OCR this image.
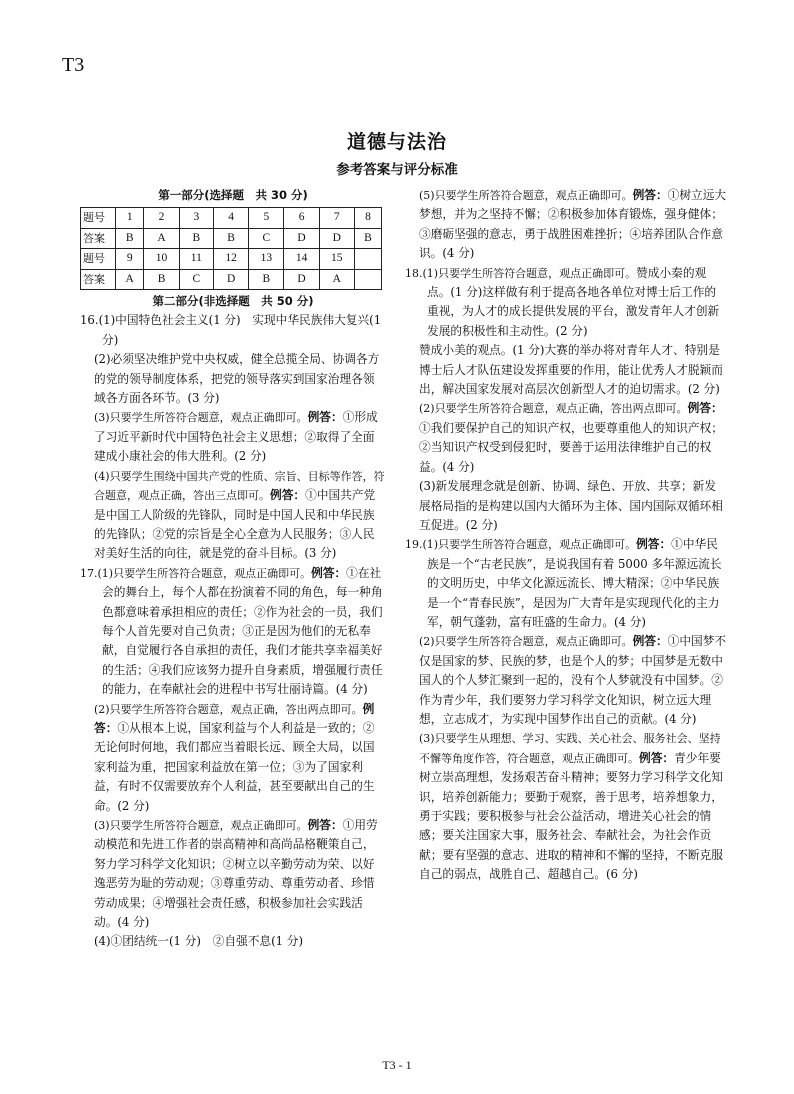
T3
道德与法治
参考答案与评分标准
第一部分(选择题　共 30 分)
题号	1	2	3	4	5	6	7	8
答案	B	A	B	B	C	D	D	B
题号	9	10	11	12	13	14	15	
答案	A	B	C	D	B	D	A	
第二部分(非选择题　共 50 分)
16.(1)中国特色社会主义(1 分)　实现中华民族伟大复兴(1 分)
(2)必须坚决维护党中央权威，健全总揽全局、协调各方的党的领导制度体系，把党的领导落实到国家治理各领域各方面各环节。(3 分)
(3)只要学生所答符合题意，观点正确即可。例答：①形成了习近平新时代中国特色社会主义思想；②取得了全面建成小康社会的伟大胜利。(2 分)
(4)只要学生围绕中国共产党的性质、宗旨、目标等作答，符合题意，观点正确，答出三点即可。例答：①中国共产党是中国工人阶级的先锋队，同时是中国人民和中华民族的先锋队；②党的宗旨是全心全意为人民服务；③人民对美好生活的向往，就是党的奋斗目标。(3 分)
17.(1)只要学生所答符合题意，观点正确即可。例答：①在社会的舞台上，每个人都在扮演着不同的角色，每一种角色都意味着承担相应的责任；②作为社会的一员，我们每个人首先要对自己负责；③正是因为他们的无私奉献，自觉履行各自承担的责任，我们才能共享幸福美好的生活；④我们应该努力提升自身素质，增强履行责任的能力，在奉献社会的进程中书写壮丽诗篇。(4 分)
(2)只要学生所答符合题意，观点正确，答出两点即可。例答：①从根本上说，国家利益与个人利益是一致的；②无论何时何地，我们都应当着眼长远、顾全大局，以国家利益为重，把国家利益放在第一位；③为了国家利益，有时不仅需要放弃个人利益，甚至要献出自己的生命。(2 分)
(3)只要学生所答符合题意，观点正确即可。例答：①用劳动模范和先进工作者的崇高精神和高尚品格鞭策自己，努力学习科学文化知识；②树立以辛勤劳动为荣、以好逸恶劳为耻的劳动观；③尊重劳动、尊重劳动者、珍惜劳动成果；④增强社会责任感，积极参加社会实践活动。(4 分)
(4)①团结统一(1 分)　②自强不息(1 分)
(5)只要学生所答符合题意，观点正确即可。例答：①树立远大梦想，并为之坚持不懈；②积极参加体育锻炼，强身健体；③磨砺坚强的意志，勇于战胜困难挫折；④培养团队合作意识。(4 分)
18.(1)只要学生所答符合题意，观点正确即可。赞成小秦的观点。(1 分)这样做有利于提高各地各单位对博士后工作的重视，为人才的成长提供发展的平台，激发青年人才创新发展的积极性和主动性。(2 分)
赞成小美的观点。(1 分)大赛的举办将对青年人才、特别是博士后人才队伍建设发挥重要的作用，能让优秀人才脱颖而出，解决国家发展对高层次创新型人才的迫切需求。(2 分)
(2)只要学生所答符合题意，观点正确，答出两点即可。例答：①我们要保护自己的知识产权，也要尊重他人的知识产权；②当知识产权受到侵犯时，要善于运用法律维护自己的权益。(4 分)
(3)新发展理念就是创新、协调、绿色、开放、共享；新发展格局指的是构建以国内大循环为主体、国内国际双循环相互促进。(2 分)
19.(1)只要学生所答符合题意，观点正确即可。例答：①中华民族是一个“古老民族”，是说我国有着 5000 多年源远流长的文明历史，中华文化源远流长、博大精深；②中华民族是一个“青春民族”，是因为广大青年是实现现代化的主力军，朝气蓬勃，富有旺盛的生命力。(4 分)
(2)只要学生所答符合题意，观点正确即可。例答：①中国梦不仅是国家的梦、民族的梦，也是个人的梦；中国梦是无数中国人的个人梦汇聚到一起的，没有个人梦就没有中国梦。②作为青少年，我们要努力学习科学文化知识，树立远大理想，立志成才，为实现中国梦作出自己的贡献。(4 分)
(3)只要学生从理想、学习、实践、关心社会、服务社会、坚持不懈等角度作答，符合题意，观点正确即可。例答：青少年要树立崇高理想，发扬艰苦奋斗精神；要努力学习科学文化知识，培养创新能力；要勤于观察，善于思考，培养想象力，勇于实践；要积极参与社会公益活动，增进关心社会的情感；要关注国家大事，服务社会、奉献社会，为社会作贡献；要有坚强的意志、进取的精神和不懈的坚持，不断克服自己的弱点，战胜自己、超越自己。(6 分)
T3 - 1
